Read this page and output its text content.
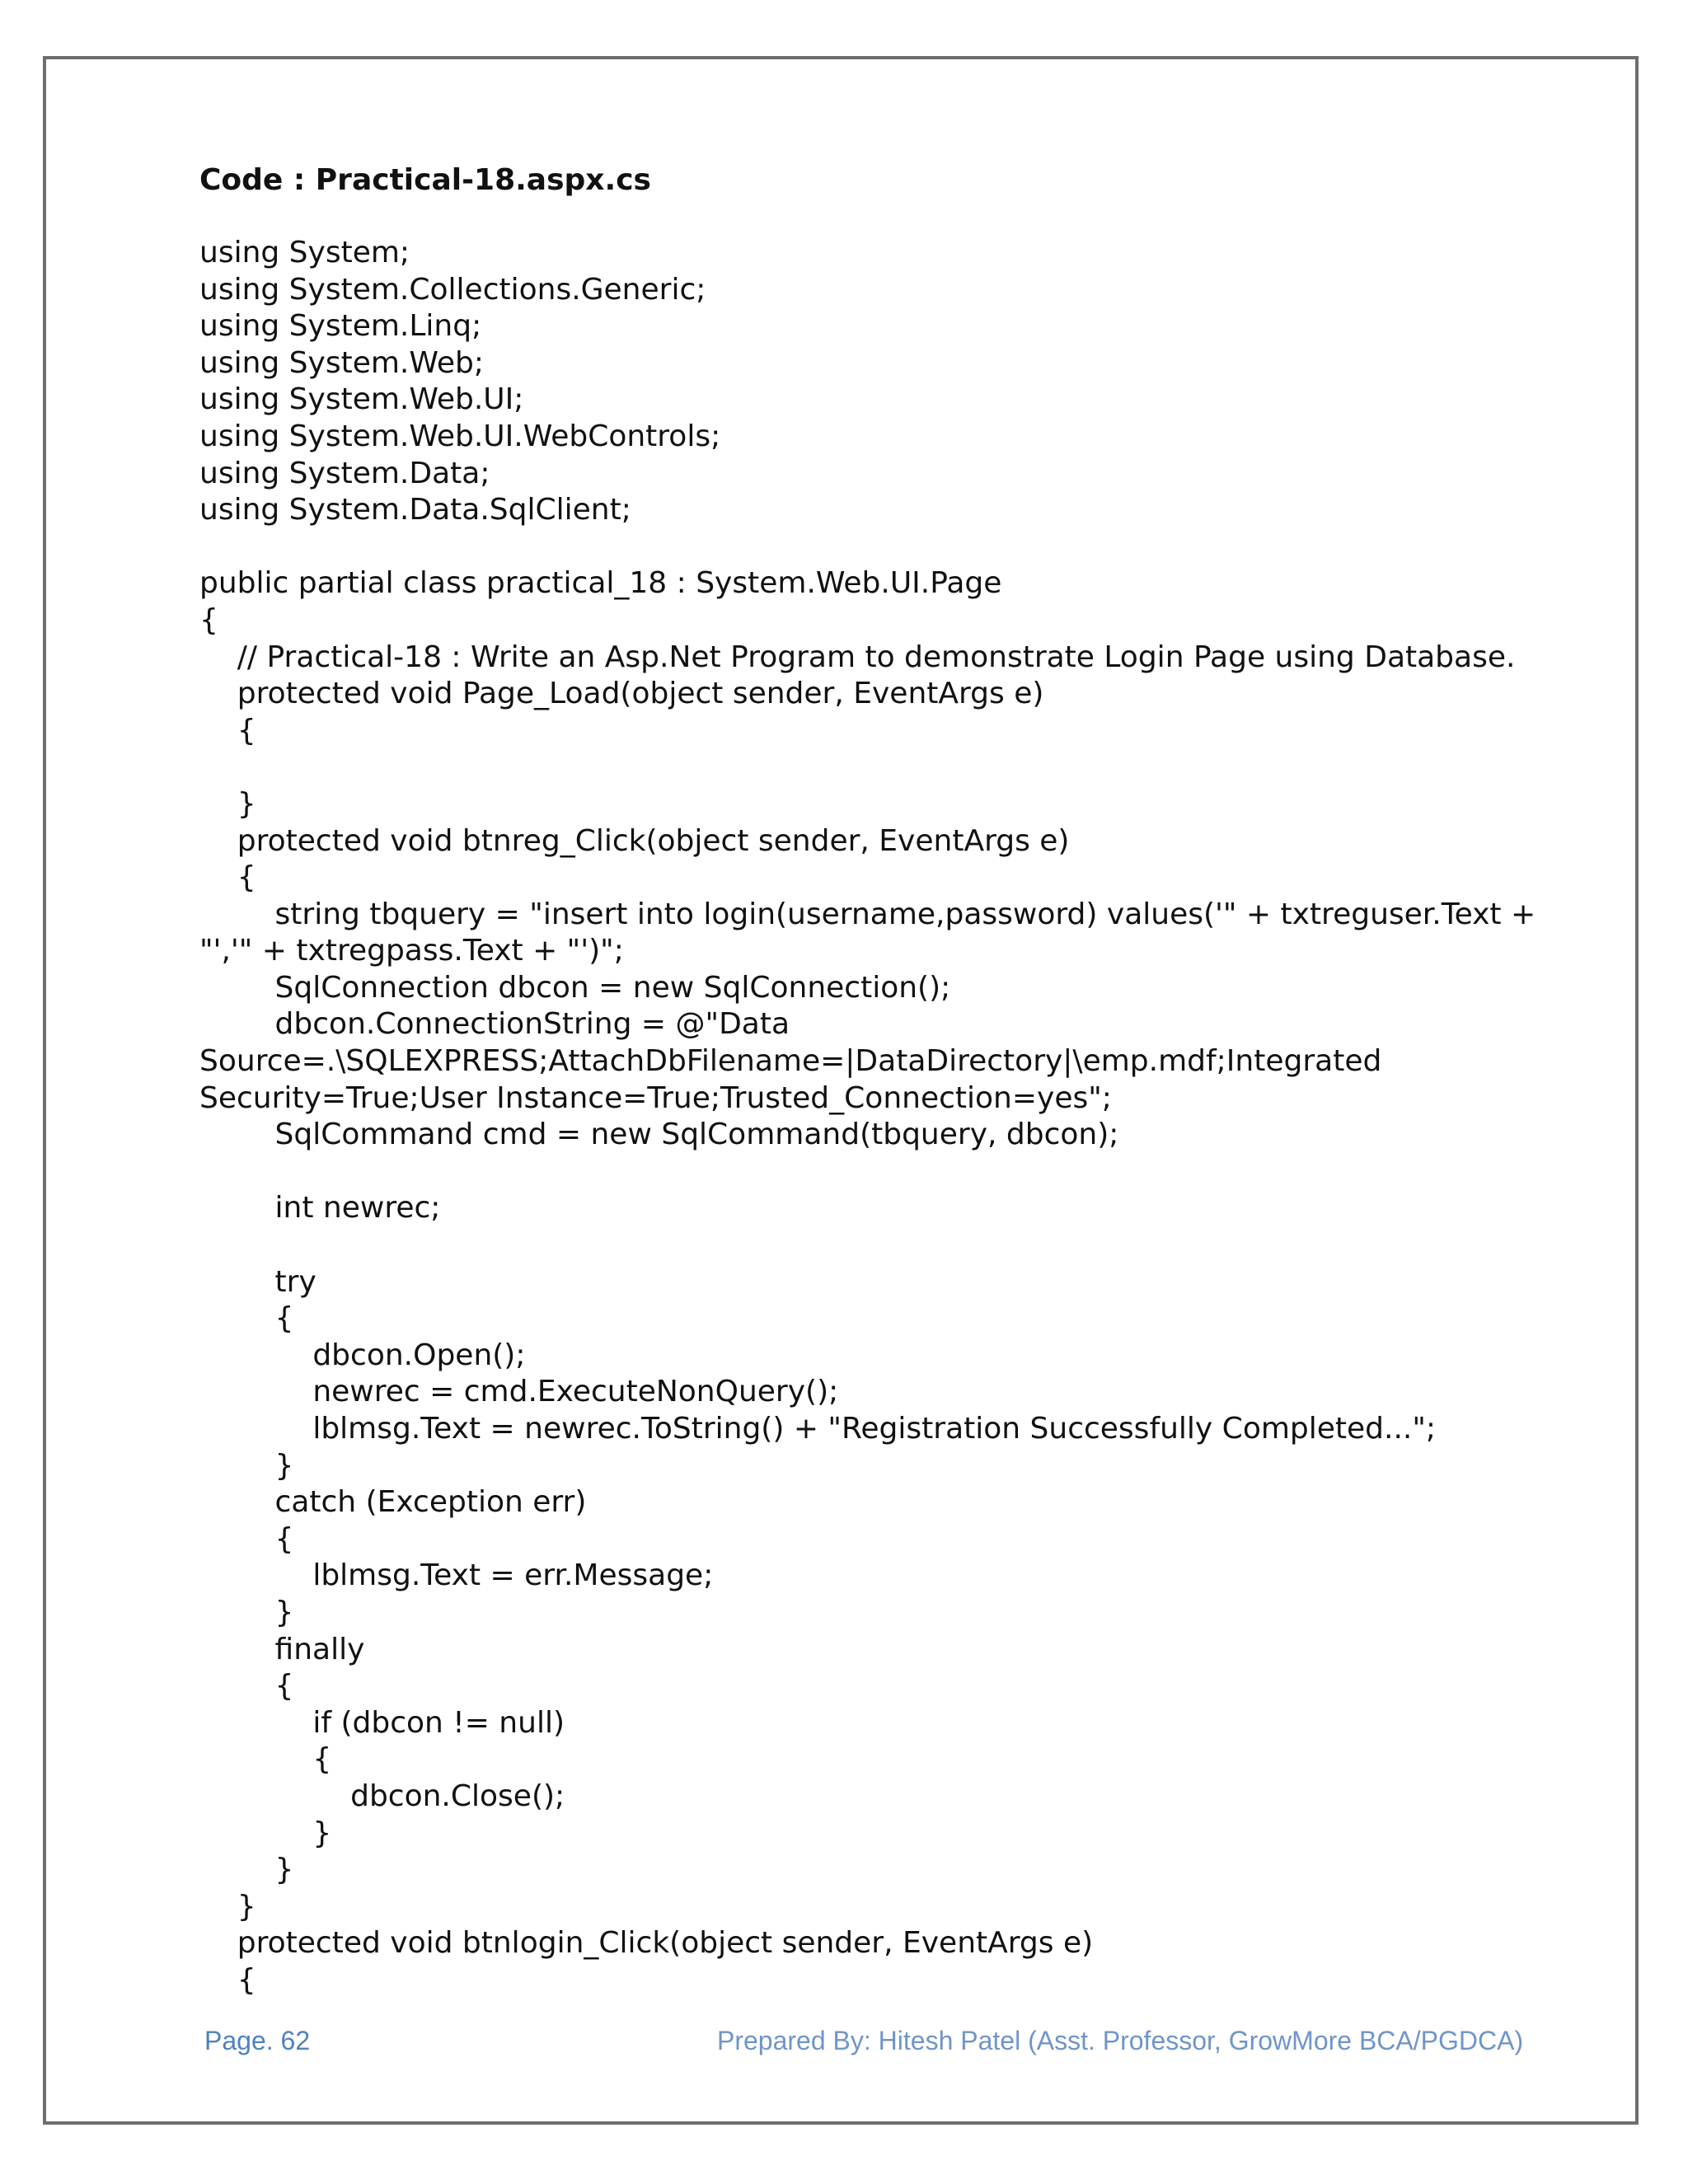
Code : Practical-18.aspx.cs
using System;
using System.Collections.Generic;
using System.Linq;
using System.Web;
using System.Web.UI;
using System.Web.UI.WebControls;
using System.Data;
using System.Data.SqlClient;
public partial class practical_18 : System.Web.UI.Page
{
// Practical-18 : Write an Asp.Net Program to demonstrate Login Page using Database.
protected void Page_Load(object sender, EventArgs e)
{
}
protected void btnreg_Click(object sender, EventArgs e)
{
string tbquery = "insert into login(username,password) values('" + txtreguser.Text +
"','" + txtregpass.Text + "')";
SqlConnection dbcon = new SqlConnection();
dbcon.ConnectionString = @"Data
Source=.\SQLEXPRESS;AttachDbFilename=|DataDirectory|\emp.mdf;Integrated
Security=True;User Instance=True;Trusted_Connection=yes";
SqlCommand cmd = new SqlCommand(tbquery, dbcon);
int newrec;
try
{
dbcon.Open();
newrec = cmd.ExecuteNonQuery();
lblmsg.Text = newrec.ToString() + "Registration Successfully Completed...";
}
catch (Exception err)
{
lblmsg.Text = err.Message;
}
finally
{
if (dbcon != null)
{
dbcon.Close();
}
}
}
protected void btnlogin_Click(object sender, EventArgs e)
{
Page. 62	Prepared By: Hitesh Patel (Asst. Professor, GrowMore BCA/PGDCA)
